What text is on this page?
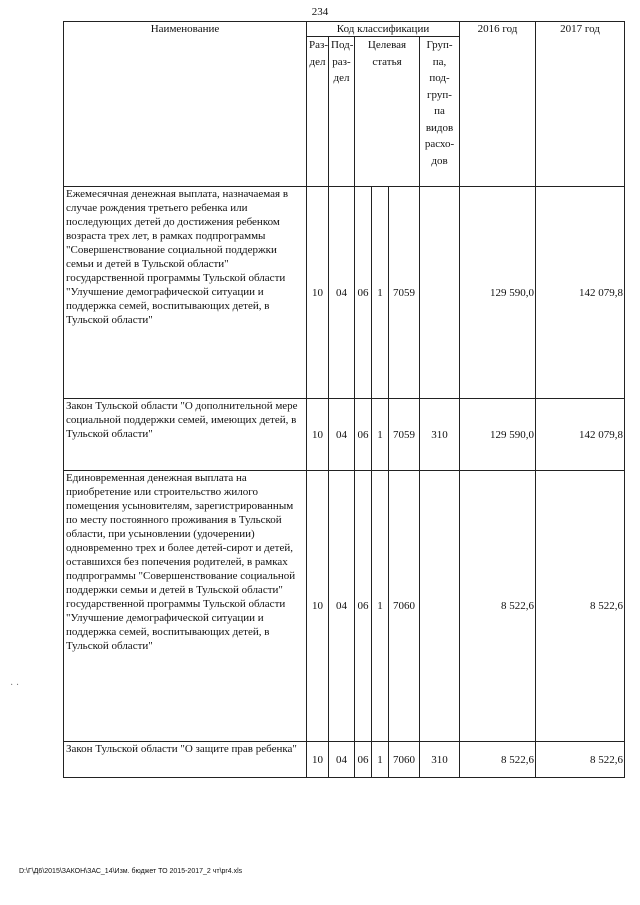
234
Наименование	Код классификации						2016 год	2017 год
	Раз-дел	Под-раз-дел	Целевая статья			Груп-па, под-груп-па видов расхо-дов		
Ежемесячная денежная выплата, назначаемая в случае рождения третьего ребенка или последующих детей до достижения ребенком возраста трех лет, в рамках подпрограммы "Совершенствование социальной поддержки семьи и детей в Тульской области" государственной программы Тульской области "Улучшение демографической ситуации и поддержка семей, воспитывающих детей, в Тульской области"	10	04	06	1	7059		129 590,0	142 079,8
Закон Тульской области "О дополнительной мере социальной поддержки семей, имеющих детей, в Тульской области"	10	04	06	1	7059	310	129 590,0	142 079,8
Единовременная денежная выплата на приобретение или строительство жилого помещения усыновителям, зарегистрированным по месту постоянного проживания в Тульской области, при усыновлении (удочерении) одновременно трех и более детей-сирот и детей, оставшихся без попечения родителей, в рамках подпрограммы "Совершенствование социальной поддержки семьи и детей в Тульской области" государственной программы Тульской области "Улучшение демографической ситуации и поддержка семей, воспитывающих детей, в Тульской области"	10	04	06	1	7060		8 522,6	8 522,6
Закон Тульской области "О защите прав ребенка"	10	04	06	1	7060	310	8 522,6	8 522,6
· ·
D:\Г\Д6\2015\ЗАКОН\ЗАС_14\Изм. бюджет ТО 2015-2017_2 чт\pr4.xls
